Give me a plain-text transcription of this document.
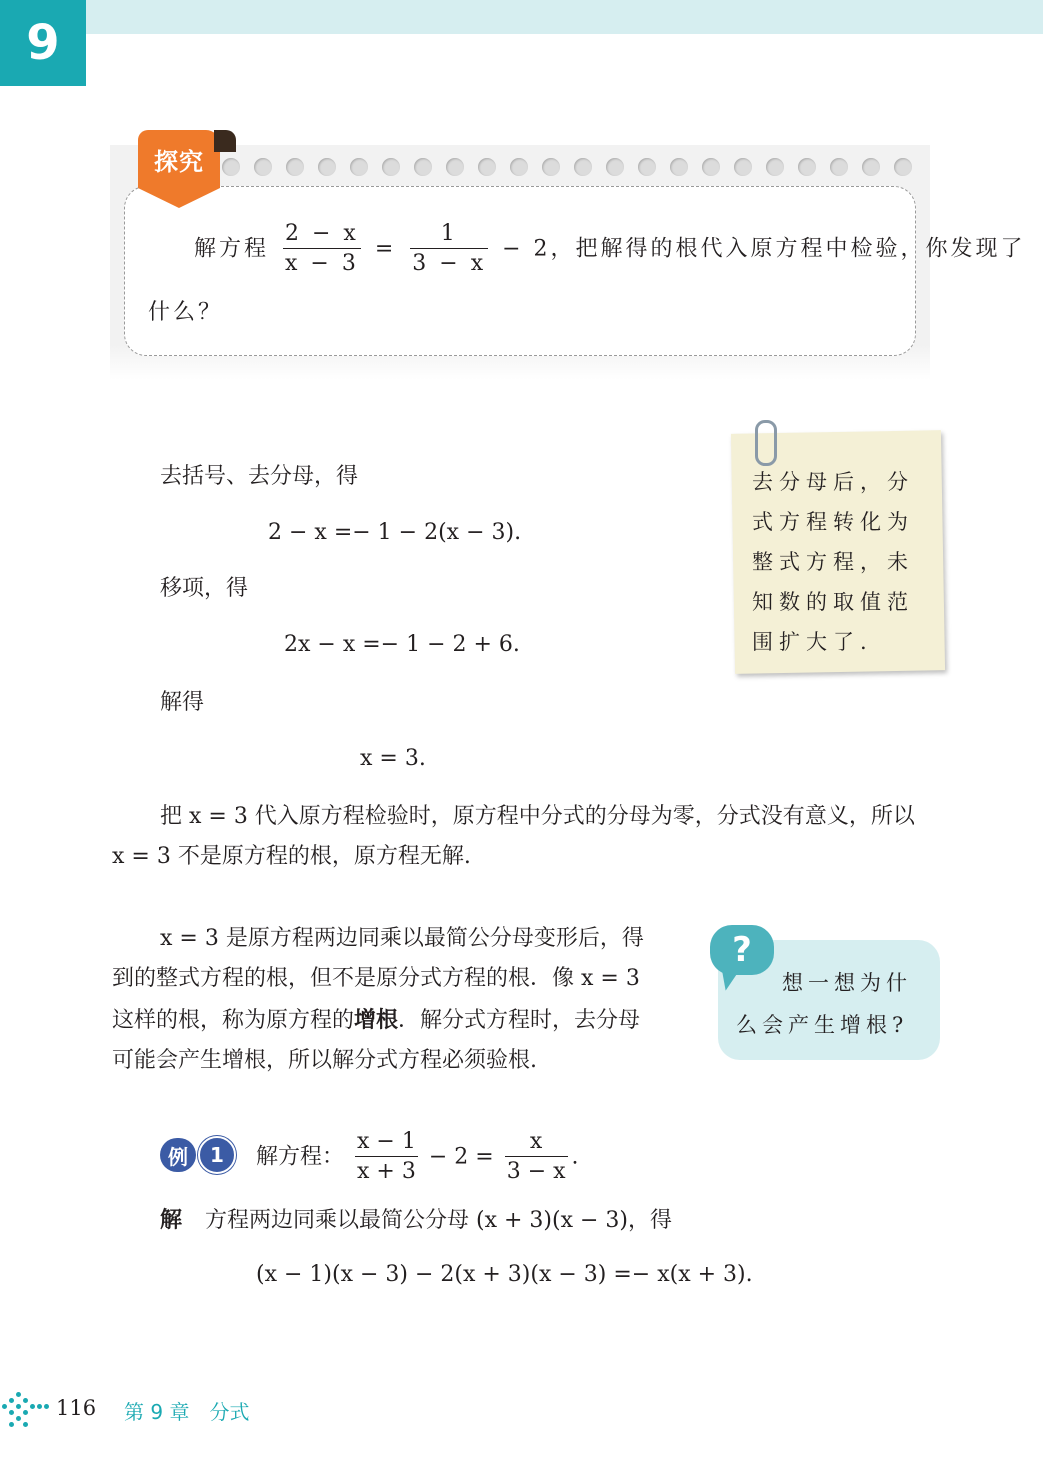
9
探究
解方程 $\frac{2 - x}{x - 3} = \frac{1}{3 - x} - 2$，把解得的根代入原方程中检验，你发现了
什么？
去括号、去分母，得
2 − x =− 1 − 2(x − 3).
移项，得
2x − x =− 1 − 2 + 6.
解得
x = 3.
把 x = 3 代入原方程检验时，原方程中分式的分母为零，分式没有意义，所以
x = 3 不是原方程的根，原方程无解.
x = 3 是原方程两边同乘以最简公分母变形后，得
到的整式方程的根，但不是原分式方程的根．像 x = 3
这样的根，称为原方程的增根．解分式方程时，去分母
可能会产生增根，所以解分式方程必须验根.
去分母后，分式方程转化为整式方程，未知数的取值范围扩大了.
?
想一想为什么会产生增根?
例	1	解方程： $\frac{x - 1}{x + 3} - 2 = \frac{x}{3 - x}$ .
解 方程两边同乘以最简公分母 (x + 3)(x − 3)，得
(x − 1)(x − 3) − 2(x + 3)(x − 3) =− x(x + 3).
116 第 9 章　分式
